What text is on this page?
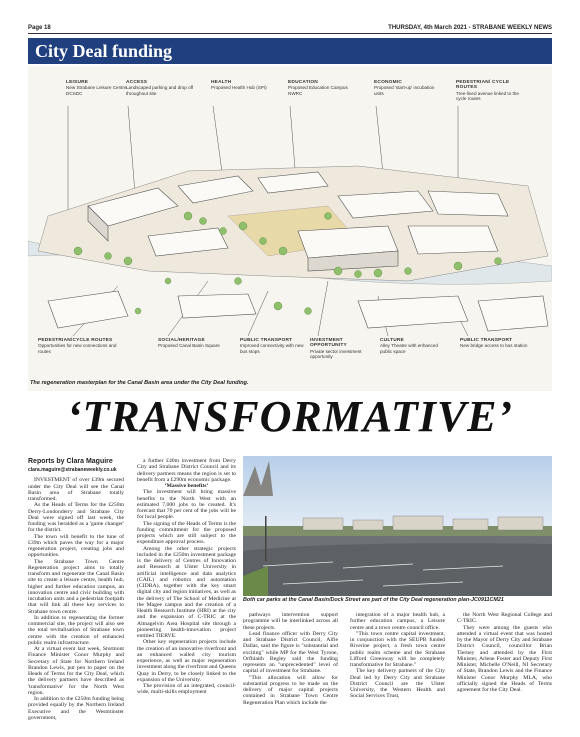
Page 18	THURSDAY, 4th March 2021 - STRABANE WEEKLY NEWS
City Deal funding
LEISURE
New Strabane Leisure Centre DCSDC
ACCESS
Landscaped parking and drop off throughout site
HEALTH
Proposed Health Hub (SPI)
EDUCATION
Proposed Education Campus NWRC
ECONOMIC
Proposed 'start-up' incubation units
PEDESTRIAN/ CYCLE ROUTES
Tree-lined avenue linked to the cycle routes
PEDESTRIAN/CYCLE ROUTES
Opportunities for new connections and routes
SOCIAL/HERITAGE
Proposed Canal Basin Square
PUBLIC TRANSPORT
Improved connectivity with new bus stops
INVESTMENT OPPORTUNITY
Private sector investment opportunity
CULTURE
Alley Theatre with enhanced public space
PUBLIC TRANSPORT
New bridge access to bus station
The regeneration masterplan for the Canal Basin area under the City Deal funding.
‘TRANSFORMATIVE’

Reports by Clara Maguire

clara.maguire@strabaneweekly.co.uk

INVESTMENT of over £39m secured under the City Deal will see the Canal Basin area of Strabane totally transformed.

As the Heads of Terms for the £250m Derry-Londonderry and Strabane City Deal were signed off last week, the funding was heralded as a 'game changer' for the district.

The town will benefit to the tune of £39m which paves the way for a major regeneration project, creating jobs and opportunities.

The Strabane Town Centre Regeneration project aims to totally transform and regenerate the Canal Basin site to create a leisure centre, health hub, higher and further education campus, an innovation centre and civic building with incubation units and a pedestrian footpath that will link all these key services to Strabane town centre.

In addition to regenerating the former commercial site, the project will also see the total revitalisation of Strabane town centre with the creation of enhanced public realm infrastructure.

At a virtual event last week, Stormont Finance Minister Conor Murphy and Secretary of State for Northern Ireland Brandon Lewis, put pen to paper on the Heads of Terms for the City Deal, which the delivery partners have described as 'transformative' for the North West region.

In addition to the £250m funding being provided equally by the Northern Ireland Executive and the Westminster government,

a further £40m investment from Derry City and Strabane District Council and its delivery partners means the region is set to benefit from a £290m economic package.

‘Massive benefits’

The investment will bring massive benefits to the North West with an estimated 7,000 jobs to be created. It's forecast that 70 per cent of the jobs will be for local people.

The signing of the Heads of Terms is the funding commitment for the proposed projects which are still subject to the expenditure approval process.

Among the other strategic projects included in the £250m investment package is the delivery of Centres of Innovation and Research at Ulster University in artificial intelligence and data analytics (CAIL) and robotics and automation (CIDRA), together with the key smart digital city and region initiatives, as well as the delivery of The School of Medicine at the Magee campus and the creation of a Health Research Institute (HRI) at the city and the expansion of C-TRIC at the Altnagelvin Area Hospital site through a pioneering health-innovation project entitled TIERVE.

Other key regeneration projects include the creation of an innovative riverfront and an enhanced walled city tourism experience, as well as major regeneration investment along the riverfront and Queens Quay in Derry, to be closely linked to the expansion of the University.

The provision of an integrated, council-wide, multi-skills employment

Both car parks at the Canal Basin/Dock Street are part of the City Deal regeneration plan-JC0911CM21

pathways intervention support programme will be interlinked across all these projects.

Lead finance officer with Derry City and Strabane District Council, Alfie Dallas, said the figure is "substantial and exciting" while MP for the West Tyrone, Orfhlaith Begley said the funding represents an "unprecedented" level of capital of investment for Strabane.

"This allocation will allow for substantial progress to be made on the delivery of major capital projects contained in Strabane Town Centre Regeneration Plan which include the

integration of a major health hub, a further education campus, a Leisure centre and a town centre council office.

"This town centre capital investment, in conjunction with the SEUPB funded Riverine project, a fresh town centre public realm scheme and the Strabane Lifford Greenway will be completely transformative for Strabane."

The key delivery partners of the City Deal led by Derry City and Strabane District Council are the Ulster University, the Western Health and Social Services Trust,

the North West Regional College and C-TRIC.

They were among the guests who attended a virtual event that was hosted by the Mayor of Derry City and Strabane District Council, councillor Brian Tierney and attended by the First Minister, Arlene Foster and Deputy First Minister, Michelle O'Neill, NI Secretary of State, Brandon Lewis and the Finance Minister Conor Murphy MLA, who officially signed the Heads of Terms agreement for the City Deal.
